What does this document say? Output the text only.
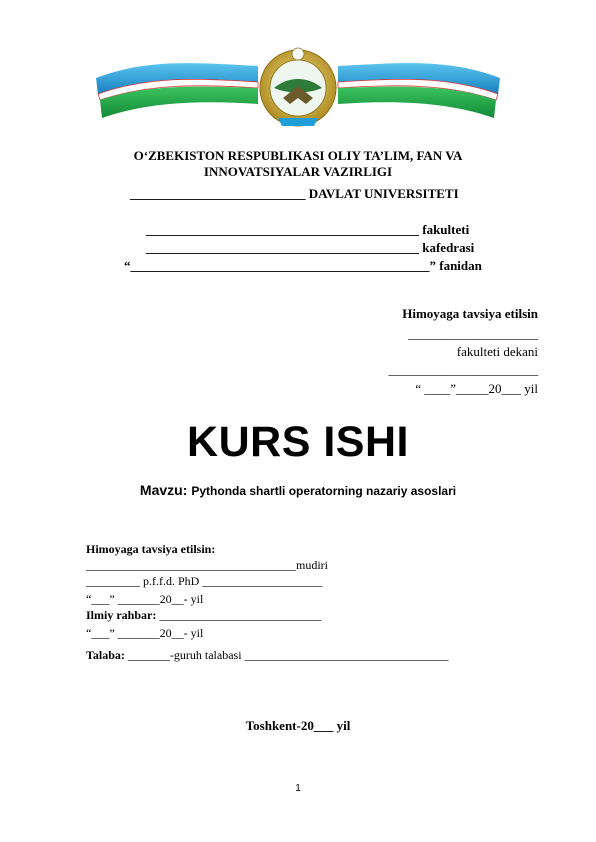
O‘ZBEKISTON RESPUBLIKASI OLIY TA’LIM, FAN VA
INNOVATSIYALAR VAZIRLIGI
___________________________ DAVLAT UNIVERSITETI
__________________________________________ fakulteti
__________________________________________ kafedrasi
“______________________________________________” fanidan
Himoyaga tavsiya etilsin
____________________
fakulteti dekani
_______________________
“ ____”_____20___ yil
KURS ISHI
Mavzu: Pythonda shartli operatorning nazariy asoslari
Himoyaga tavsiya etilsin:
___________________________________mudiri
_________ p.f.f.d. PhD ____________________
“___” _______20__- yil
Ilmiy rahbar: ___________________________
“___” _______20__- yil
Talaba: _______-guruh talabasi __________________________________
Toshkent-20___ yil
1
